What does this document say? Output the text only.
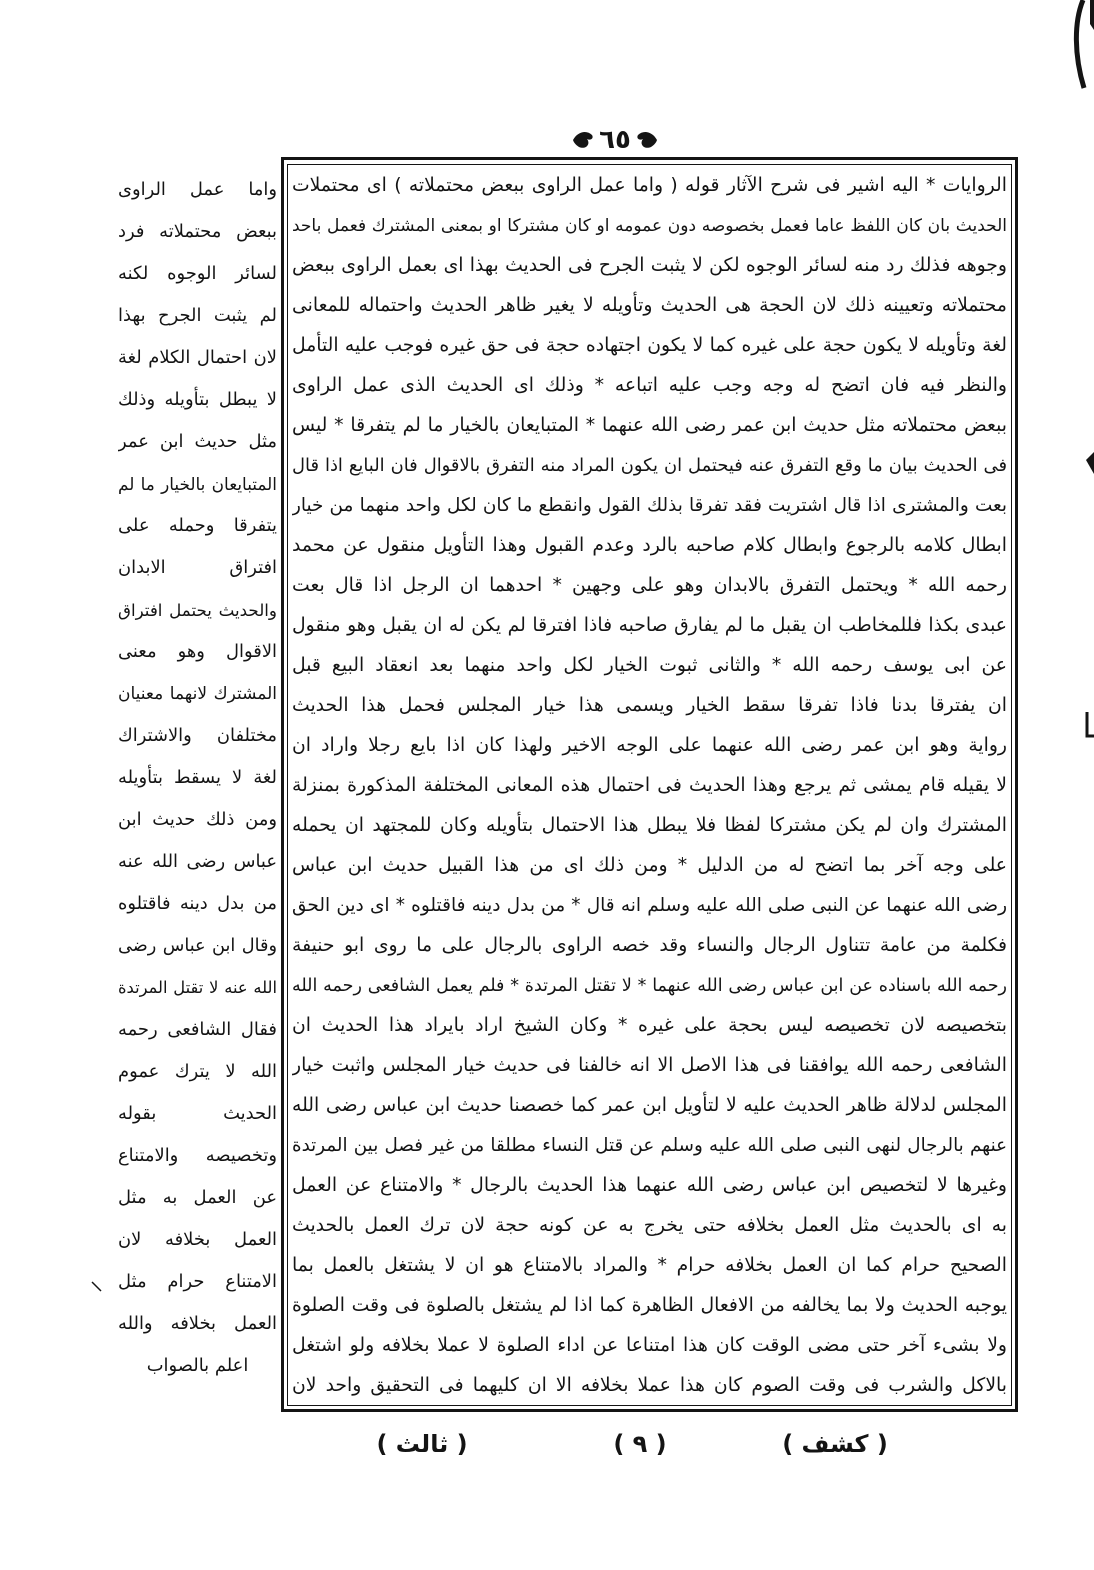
٦٥
الروايات * اليه اشير فى شرح الآثار قوله ( واما عمل الراوى ببعض محتملاته ) اى محتملات
الحديث بان كان اللفظ عاما فعمل بخصوصه دون عمومه او كان مشتركا او بمعنى المشترك فعمل باحد
وجوهه فذلك رد منه لسائر الوجوه لكن لا يثبت الجرح فى الحديث بهذا اى بعمل الراوى ببعض
محتملاته وتعيينه ذلك لان الحجة هى الحديث وتأويله لا يغير ظاهر الحديث واحتماله للمعانى
لغة وتأويله لا يكون حجة على غيره كما لا يكون اجتهاده حجة فى حق غيره فوجب عليه التأمل
والنظر فيه فان اتضح له وجه وجب عليه اتباعه * وذلك اى الحديث الذى عمل الراوى
ببعض محتملاته مثل حديث ابن عمر رضى الله عنهما * المتبايعان بالخيار ما لم يتفرقا * ليس
فى الحديث بيان ما وقع التفرق عنه فيحتمل ان يكون المراد منه التفرق بالاقوال فان البايع اذا قال
بعت والمشترى اذا قال اشتريت فقد تفرقا بذلك القول وانقطع ما كان لكل واحد منهما من خيار
ابطال كلامه بالرجوع وابطال كلام صاحبه بالرد وعدم القبول وهذا التأويل منقول عن محمد
رحمه الله * ويحتمل التفرق بالابدان وهو على وجهين * احدهما ان الرجل اذا قال بعت
عبدى بكذا فللمخاطب ان يقبل ما لم يفارق صاحبه فاذا افترقا لم يكن له ان يقبل وهو منقول
عن ابى يوسف رحمه الله * والثانى ثبوت الخيار لكل واحد منهما بعد انعقاد البيع قبل
ان يفترقا بدنا فاذا تفرقا سقط الخيار ويسمى هذا خيار المجلس فحمل هذا الحديث
رواية وهو ابن عمر رضى الله عنهما على الوجه الاخير ولهذا كان اذا بايع رجلا واراد ان
لا يقيله قام يمشى ثم يرجع وهذا الحديث فى احتمال هذه المعانى المختلفة المذكورة بمنزلة
المشترك وان لم يكن مشتركا لفظا فلا يبطل هذا الاحتمال بتأويله وكان للمجتهد ان يحمله
على وجه آخر بما اتضح له من الدليل * ومن ذلك اى من هذا القبيل حديث ابن عباس
رضى الله عنهما عن النبى صلى الله عليه وسلم انه قال * من بدل دينه فاقتلوه * اى دين الحق
فكلمة من عامة تتناول الرجال والنساء وقد خصه الراوى بالرجال على ما روى ابو حنيفة
رحمه الله باسناده عن ابن عباس رضى الله عنهما * لا تقتل المرتدة * فلم يعمل الشافعى رحمه الله
بتخصيصه لان تخصيصه ليس بحجة على غيره * وكان الشيخ اراد بايراد هذا الحديث ان
الشافعى رحمه الله يوافقنا فى هذا الاصل الا انه خالفنا فى حديث خيار المجلس واثبت خيار
المجلس لدلالة ظاهر الحديث عليه لا لتأويل ابن عمر كما خصصنا حديث ابن عباس رضى الله
عنهم بالرجال لنهى النبى صلى الله عليه وسلم عن قتل النساء مطلقا من غير فصل بين المرتدة
وغيرها لا لتخصيص ابن عباس رضى الله عنهما هذا الحديث بالرجال * والامتناع عن العمل
به اى بالحديث مثل العمل بخلافه حتى يخرج به عن كونه حجة لان ترك العمل بالحديث
الصحيح حرام كما ان العمل بخلافه حرام * والمراد بالامتناع هو ان لا يشتغل بالعمل بما
يوجبه الحديث ولا بما يخالفه من الافعال الظاهرة كما اذا لم يشتغل بالصلوة فى وقت الصلوة
ولا بشىء آخر حتى مضى الوقت كان هذا امتناعا عن اداء الصلوة لا عملا بخلافه ولو اشتغل
بالاكل والشرب فى وقت الصوم كان هذا عملا بخلافه الا ان كليهما فى التحقيق واحد لان
واما عمل الراوى
ببعض محتملاته فرد
لسائر الوجوه لكنه
لم يثبت الجرح بهذا
لان احتمال الكلام لغة
لا يبطل بتأويله وذلك
مثل حديث ابن عمر
المتبايعان بالخيار ما لم
يتفرقا وحمله على
افتراق الابدان
والحديث يحتمل افتراق
الاقوال وهو معنى
المشترك لانهما معنيان
مختلفان والاشتراك
لغة لا يسقط بتأويله
ومن ذلك حديث ابن
عباس رضى الله عنه
من بدل دينه فاقتلوه
وقال ابن عباس رضى
الله عنه لا تقتل المرتدة
فقال الشافعى رحمه
الله لا يترك عموم
الحديث بقوله
وتخصيصه والامتناع
عن العمل به مثل
العمل بخلافه لان
الامتناع حرام مثل
العمل بخلافه والله
اعلم بالصواب
( كشف )
( ٩ )
( ثالث )
